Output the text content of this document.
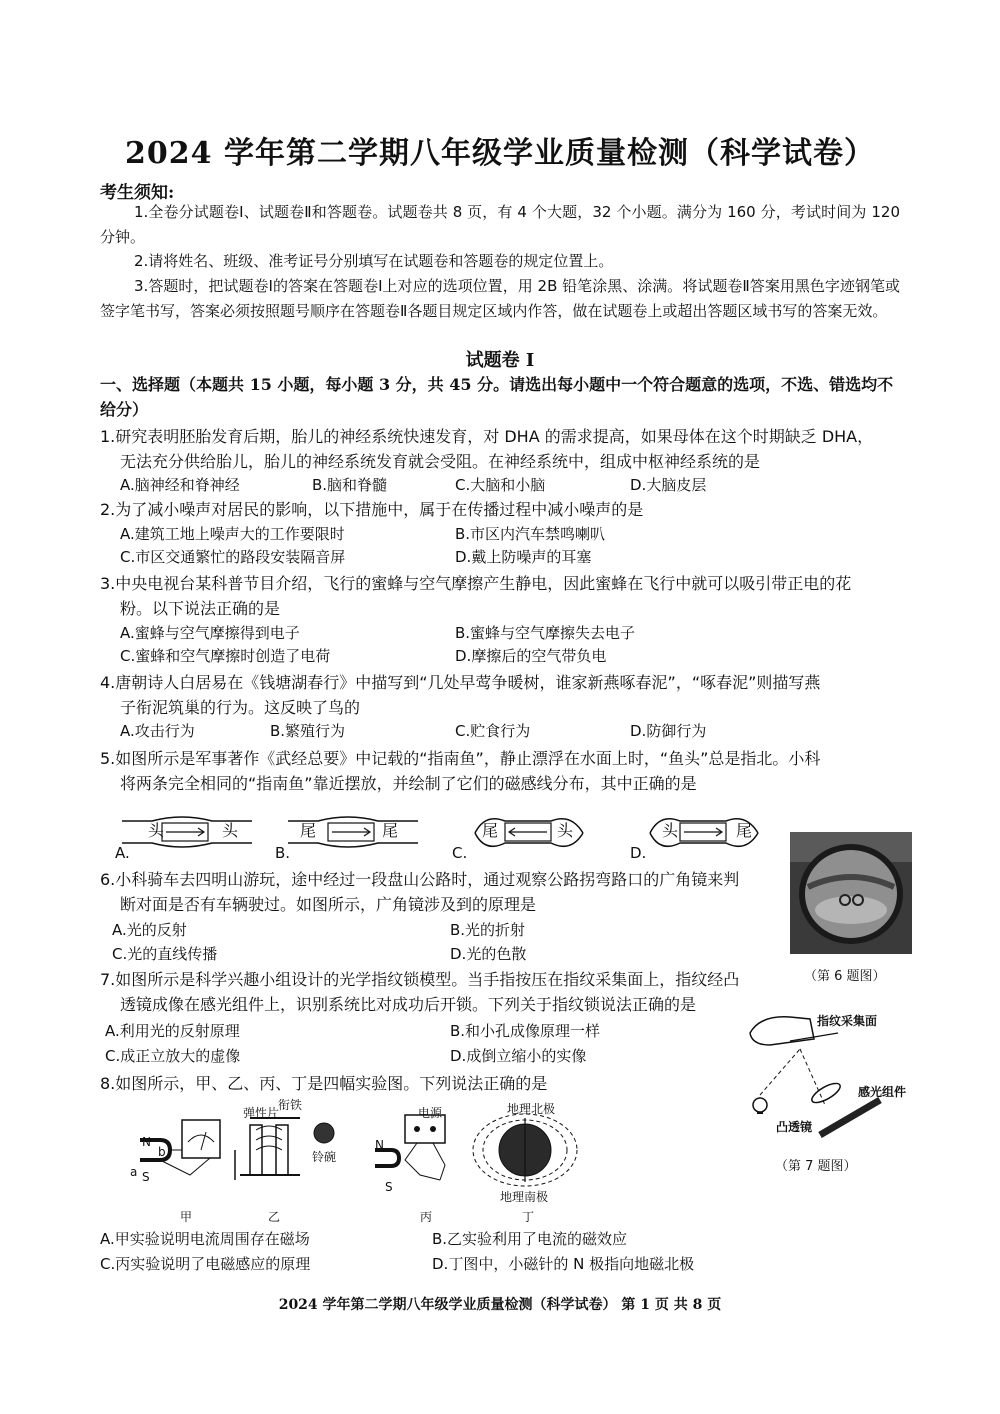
2024 学年第二学期八年级学业质量检测（科学试卷）
考生须知:
1.全卷分试题卷Ⅰ、试题卷Ⅱ和答题卷。试题卷共 8 页，有 4 个大题，32 个小题。满分为 160 分，考试时间为 120 分钟。
2.请将姓名、班级、准考证号分别填写在试题卷和答题卷的规定位置上。
3.答题时，把试题卷Ⅰ的答案在答题卷Ⅰ上对应的选项位置，用 2B 铅笔涂黑、涂满。将试题卷Ⅱ答案用黑色字迹钢笔或签字笔书写，答案必须按照题号顺序在答题卷Ⅱ各题目规定区域内作答，做在试题卷上或超出答题区域书写的答案无效。
试题卷 Ⅰ
一、选择题（本题共 15 小题，每小题 3 分，共 45 分。请选出每小题中一个符合题意的选项，不选、错选均不给分）
1.研究表明胚胎发育后期，胎儿的神经系统快速发育，对 DHA 的需求提高，如果母体在这个时期缺乏 DHA，
无法充分供给胎儿，胎儿的神经系统发育就会受阻。在神经系统中，组成中枢神经系统的是
A.脑神经和脊神经	B.脑和脊髓	C.大脑和小脑	D.大脑皮层
2.为了减小噪声对居民的影响，以下措施中，属于在传播过程中减小噪声的是
A.建筑工地上噪声大的工作要限时	B.市区内汽车禁鸣喇叭
C.市区交通繁忙的路段安装隔音屏	D.戴上防噪声的耳塞
3.中央电视台某科普节目介绍，飞行的蜜蜂与空气摩擦产生静电，因此蜜蜂在飞行中就可以吸引带正电的花
粉。以下说法正确的是
A.蜜蜂与空气摩擦得到电子	B.蜜蜂与空气摩擦失去电子
C.蜜蜂和空气摩擦时创造了电荷	D.摩擦后的空气带负电
4.唐朝诗人白居易在《钱塘湖春行》中描写到“几处早莺争暖树，谁家新燕啄春泥”，“啄春泥”则描写燕
子衔泥筑巢的行为。这反映了鸟的
A.攻击行为	B.繁殖行为	C.贮食行为	D.防御行为
5.如图所示是军事著作《武经总要》中记载的“指南鱼”，静止漂浮在水面上时，“鱼头”总是指北。小科
将两条完全相同的“指南鱼”靠近摆放，并绘制了它们的磁感线分布，其中正确的是
A.
头	头
B.
尾	尾
C.
尾	头
D.
头	尾
（第 6 题图）
6.小科骑车去四明山游玩，途中经过一段盘山公路时，通过观察公路拐弯路口的广角镜来判
断对面是否有车辆驶过。如图所示，广角镜涉及到的原理是
A.光的反射	B.光的折射
C.光的直线传播	D.光的色散
7.如图所示是科学兴趣小组设计的光学指纹锁模型。当手指按压在指纹采集面上，指纹经凸
透镜成像在感光组件上，识别系统比对成功后开锁。下列关于指纹锁说法正确的是
A.利用光的反射原理	B.和小孔成像原理一样
C.成正立放大的虚像	D.成倒立缩小的实像
指纹采集面
感光组件
凸透镜
（第 7 题图）
8.如图所示，甲、乙、丙、丁是四幅实验图。下列说法正确的是
N
S
b
a
甲
弹性片
衔铁
铃碗
乙
电源
N
S
丙
地理北极
地理南极
丁
A.甲实验说明电流周围存在磁场	B.乙实验利用了电流的磁效应
C.丙实验说明了电磁感应的原理	D.丁图中，小磁针的 N 极指向地磁北极
2024 学年第二学期八年级学业质量检测（科学试卷） 第 1 页 共 8 页
